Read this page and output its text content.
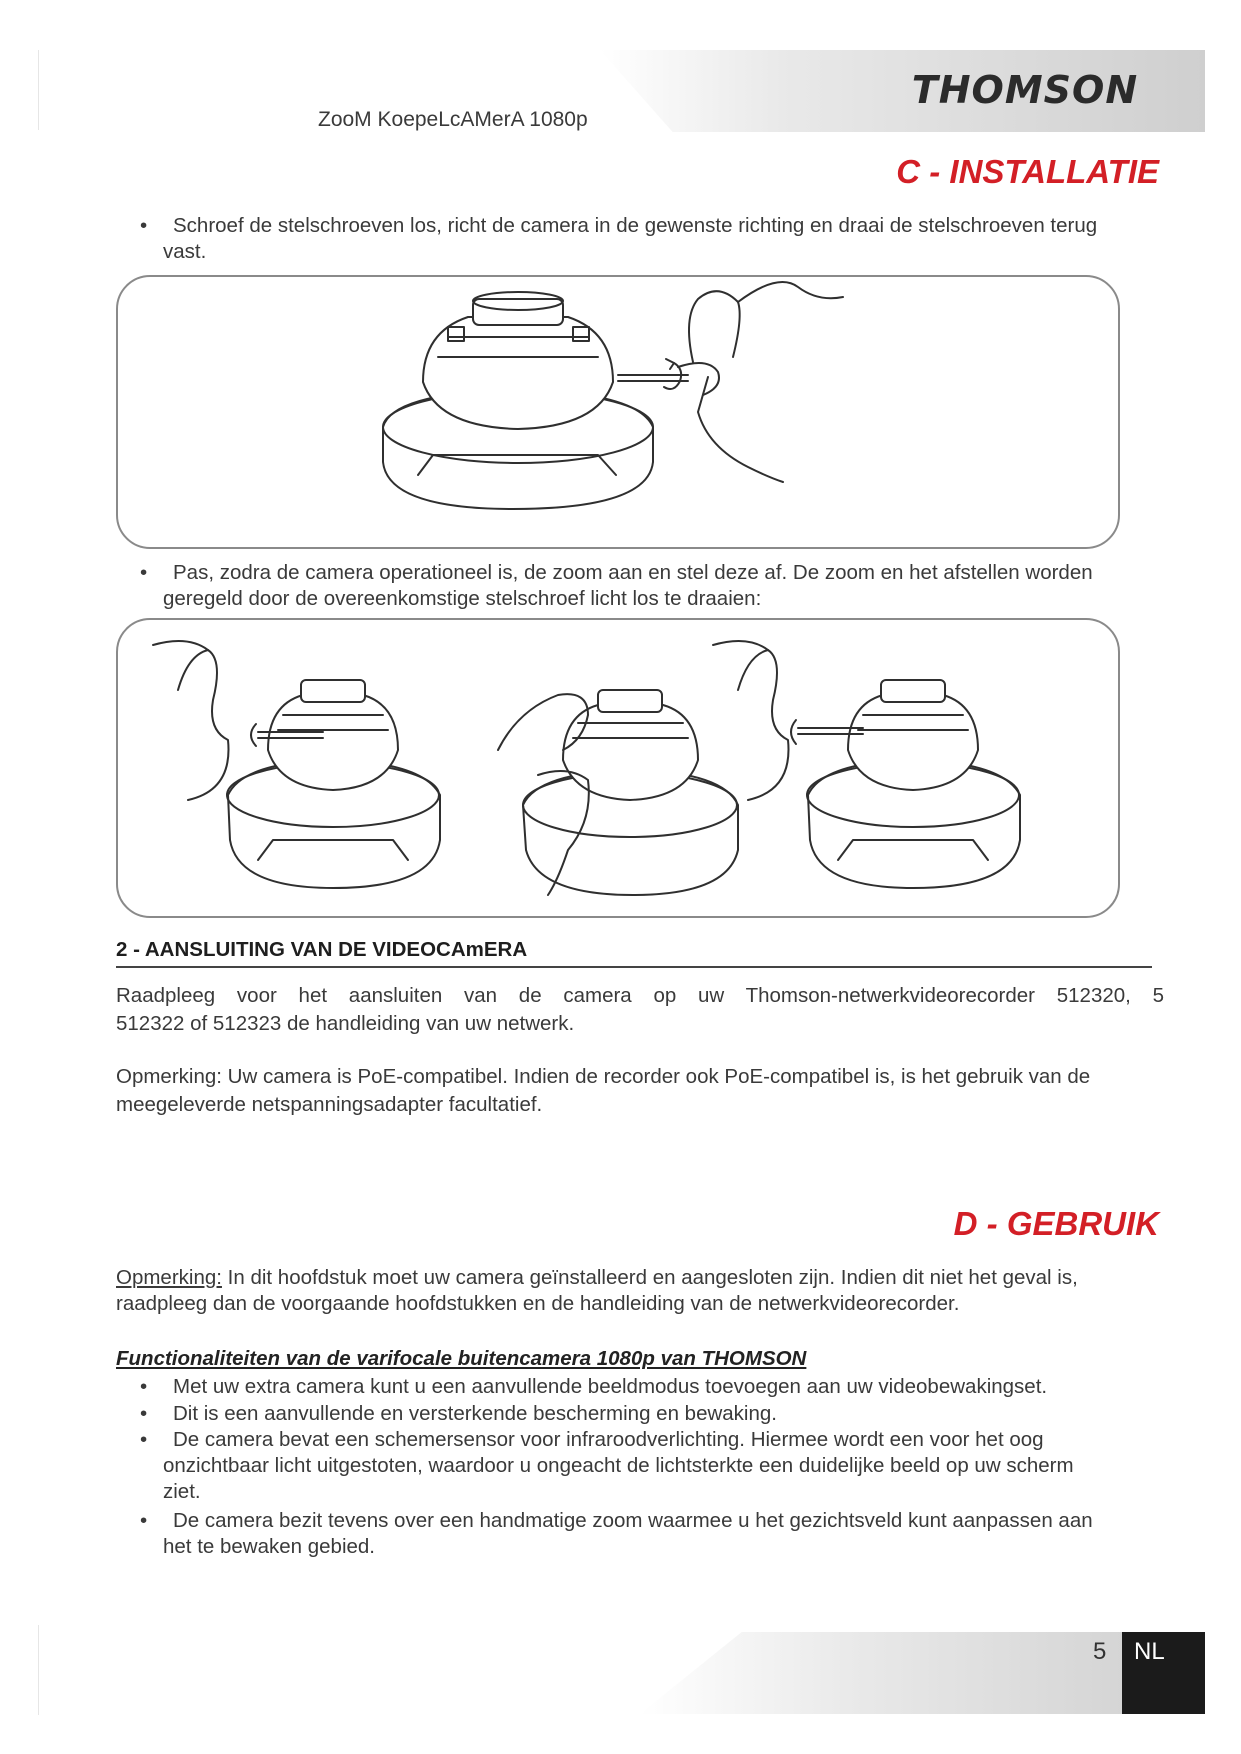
THOMSON
ZooM KoepeLcAMerA 1080p
C - INSTALLATIE
•	Schroef de stelschroeven los, richt de camera in de gewenste richting en draai de stelschroeven terug
vast.
•	Pas, zodra de camera operationeel is, de zoom aan en stel deze af. De zoom en het afstellen worden
geregeld door de overeenkomstige stelschroef licht los te draaien:
2 - AANSLUITING VAN DE VIDEOCAmERA
Raadpleeg voor het aansluiten van de camera op uw Thomson-netwerkvideorecorder 512320, 5
512322 of 512323 de handleiding van uw netwerk.
Opmerking: Uw camera is PoE-compatibel. Indien de recorder ook PoE-compatibel is, is het gebruik van de
meegeleverde netspanningsadapter facultatief.
D - GEBRUIK
Opmerking: In dit hoofdstuk moet uw camera geïnstalleerd en aangesloten zijn. Indien dit niet het geval is,
raadpleeg dan de voorgaande hoofdstukken en de handleiding van de netwerkvideorecorder.
Functionaliteiten van de varifocale buitencamera 1080p van THOMSON
•	Met uw extra camera kunt u een aanvullende beeldmodus toevoegen aan uw videobewakingset.
•	Dit is een aanvullende en versterkende bescherming en bewaking.
•	De camera bevat een schemersensor voor infraroodverlichting. Hiermee wordt een voor het oog
onzichtbaar licht uitgestoten, waardoor u ongeacht de lichtsterkte een duidelijke beeld op uw scherm
ziet.
•	De camera bezit tevens over een handmatige zoom waarmee u het gezichtsveld kunt aanpassen aan
het te bewaken gebied.
5	NL
